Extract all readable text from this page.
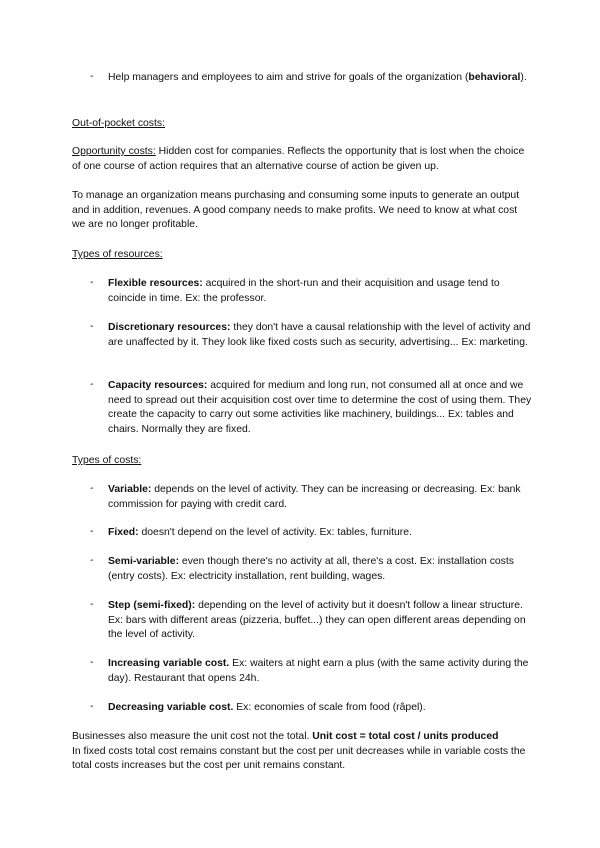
-	Help managers and employees to aim and strive for goals of the organization (behavioral).
Out-of-pocket costs:
Opportunity costs: Hidden cost for companies. Reflects the opportunity that is lost when the choice of one course of action requires that an alternative course of action be given up.
To manage an organization means purchasing and consuming some inputs to generate an output and in addition, revenues. A good company needs to make profits. We need to know at what cost we are no longer profitable.
Types of resources:
-	Flexible resources: acquired in the short-run and their acquisition and usage tend to coincide in time. Ex: the professor.
-	Discretionary resources: they don't have a causal relationship with the level of activity and are unaffected by it. They look like fixed costs such as security, advertising... Ex: marketing.
-	Capacity resources: acquired for medium and long run, not consumed all at once and we need to spread out their acquisition cost over time to determine the cost of using them. They create the capacity to carry out some activities like machinery, buildings... Ex: tables and chairs. Normally they are fixed.
Types of costs:
-	Variable: depends on the level of activity. They can be increasing or decreasing. Ex: bank commission for paying with credit card.
-	Fixed: doesn't depend on the level of activity. Ex: tables, furniture.
-	Semi-variable: even though there's no activity at all, there's a cost. Ex: installation costs (entry costs). Ex: electricity installation, rent building, wages.
-	Step (semi-fixed): depending on the level of activity but it doesn't follow a linear structure. Ex: bars with different areas (pizzeria, buffet...) they can open different areas depending on the level of activity.
-	Increasing variable cost. Ex: waiters at night earn a plus (with the same activity during the day). Restaurant that opens 24h.
-	Decreasing variable cost. Ex: economies of scale from food (râpel).
Businesses also measure the unit cost not the total. Unit cost = total cost / units produced
In fixed costs total cost remains constant but the cost per unit decreases while in variable costs the total costs increases but the cost per unit remains constant.
